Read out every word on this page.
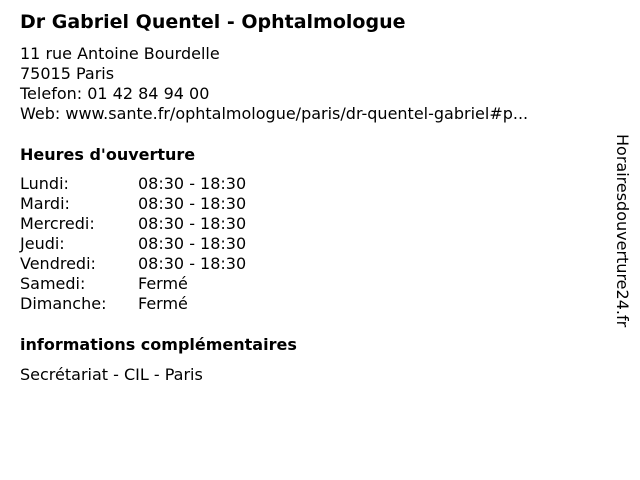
Dr Gabriel Quentel - Ophtalmologue
11 rue Antoine Bourdelle
75015 Paris
Telefon: 01 42 84 94 00
Web: www.sante.fr/ophtalmologue/paris/dr-quentel-gabriel#p...
Heures d'ouverture
Lundi:	08:30 - 18:30
Mardi:	08:30 - 18:30
Mercredi:	08:30 - 18:30
Jeudi:	08:30 - 18:30
Vendredi:	08:30 - 18:30
Samedi:	Fermé
Dimanche:	Fermé
informations complémentaires
Secrétariat - CIL - Paris
Horairesdouverture24.fr
